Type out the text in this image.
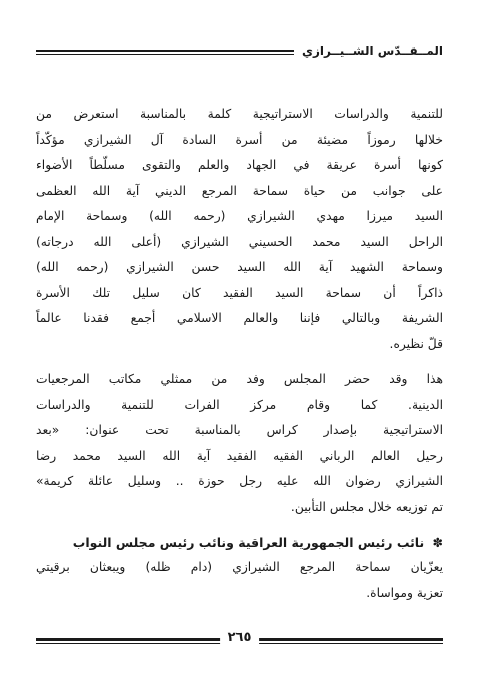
المــقــدّس الشــيــرازي
للتنمية والدراسات الاستراتيجية كلمة بالمناسبة استعرض من
خلالها رموزاً مضيئة من أسرة السادة آل الشيرازي مؤكّداً
كونها أسرة عريقة في الجهاد والعلم والتقوى مسلّطاً الأضواء
على جوانب من حياة سماحة المرجع الديني آية الله العظمى
السيد ميرزا مهدي الشيرازي (رحمه الله) وسماحة الإمام
الراحل السيد محمد الحسيني الشيرازي (أعلى الله درجاته)
وسماحة الشهيد آية الله السيد حسن الشيرازي (رحمه الله)
ذاكراً أن سماحة السيد الفقيد كان سليل تلك الأسرة
الشريفة وبالتالي فإننا والعالم الاسلامي أجمع فقدنا عالماً
قلّ نظيره.
هذا وقد حضر المجلس وفد من ممثلي مكاتب المرجعيات
الدينية. كما وقام مركز الفرات للتنمية والدراسات
الاستراتيجية بإصدار كراس بالمناسبة تحت عنوان: «بعد
رحيل العالم الرباني الفقيه الفقيد آية الله السيد محمد رضا
الشيرازي رضوان الله عليه رجل حوزة .. وسليل عائلة كريمة»
تم توزيعه خلال مجلس التأبين.
✽ نائب رئيس الجمهورية العراقية ونائب رئيس مجلس النواب
يعزّيان سماحة المرجع الشيرازي (دام ظله) ويبعثان برقيتي
تعزية ومواساة.
٢٦٥
